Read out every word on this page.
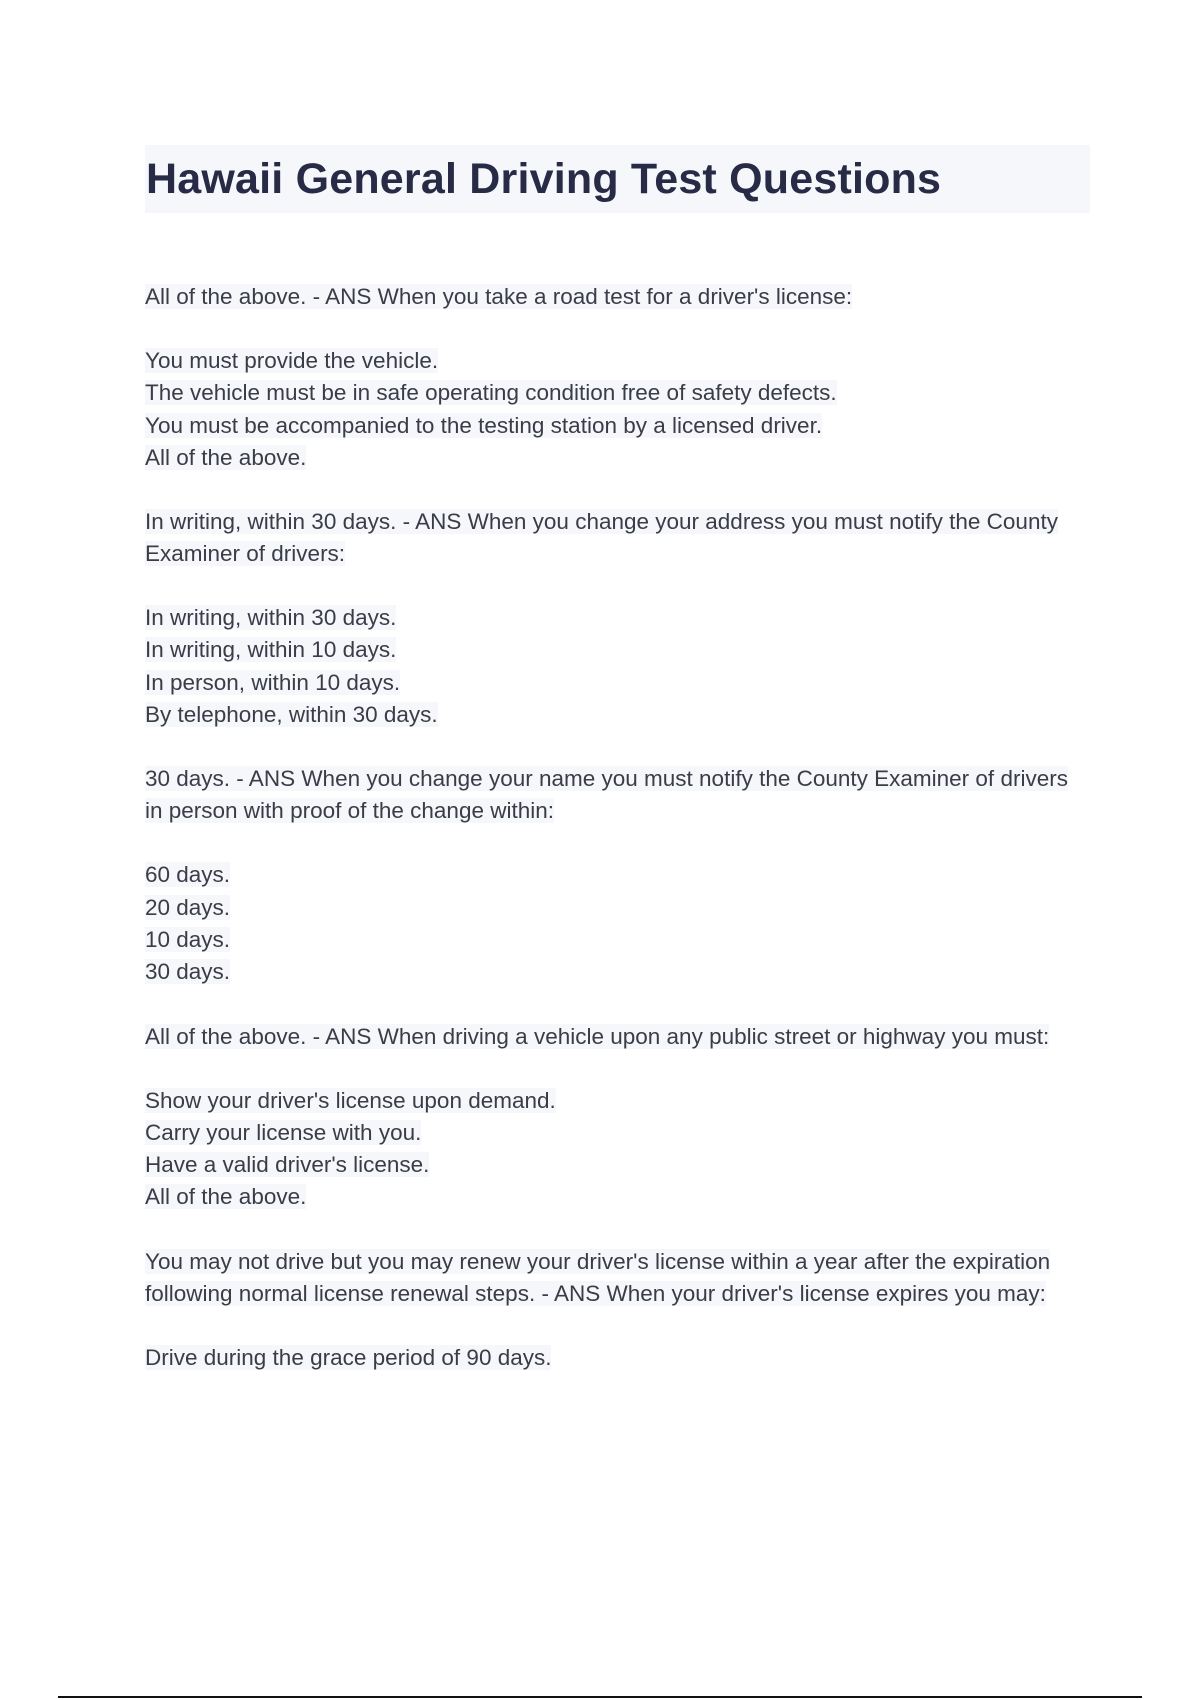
Hawaii General Driving Test Questions

All of the above. - ANS When you take a road test for a driver's license:

You must provide the vehicle.
The vehicle must be in safe operating condition free of safety defects.
You must be accompanied to the testing station by a licensed driver.
All of the above.

In writing, within 30 days. - ANS When you change your address you must notify the County Examiner of drivers:

In writing, within 30 days.
In writing, within 10 days.
In person, within 10 days.
By telephone, within 30 days.

30 days. - ANS When you change your name you must notify the County Examiner of drivers in person with proof of the change within:

60 days.
20 days.
10 days.
30 days.

All of the above. - ANS When driving a vehicle upon any public street or highway you must:

Show your driver's license upon demand.
Carry your license with you.
Have a valid driver's license.
All of the above.

You may not drive but you may renew your driver's license within a year after the expiration following normal license renewal steps. - ANS When your driver's license expires you may:

Drive during the grace period of 90 days.
